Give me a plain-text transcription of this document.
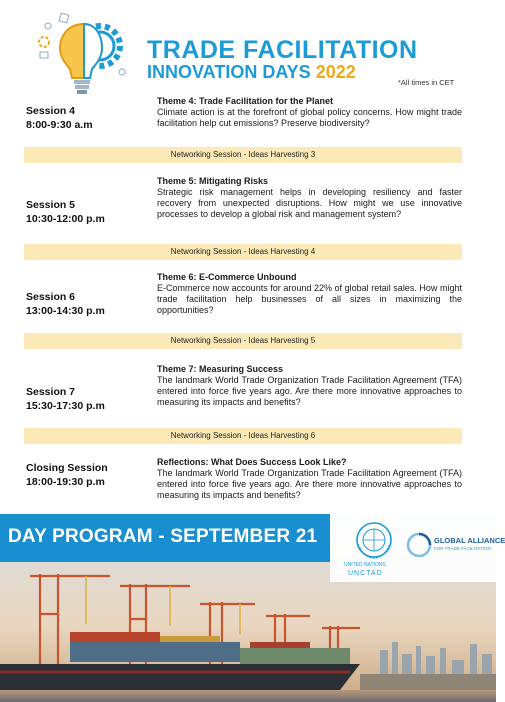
TRADE FACILITATION
INNOVATION DAYS 2022
*All times in CET
Session 4
8:00-9:30 a.m
Theme 4: Trade Facilitation for the Planet
Climate action is at the forefront of global policy concerns. How might trade facilitation help cut emissions? Preserve biodiversity?
Networking Session - Ideas Harvesting 3
Session 5
10:30-12:00 p.m
Theme 5: Mitigating Risks
Strategic risk management helps in developing resiliency and faster recovery from unexpected disruptions. How might we use innovative processes to develop a global risk and management system?
Networking Session - Ideas Harvesting 4
Session 6
13:00-14:30 p.m
Theme 6: E-Commerce Unbound
E-Commerce now accounts for around 22% of global retail sales. How might trade facilitation help businesses of all sizes in maximizing the opportunities?
Networking Session - Ideas Harvesting 5
Session 7
15:30-17:30 p.m
Theme 7: Measuring Success
The landmark World Trade Organization Trade Facilitation Agreement (TFA) entered into force five years ago. Are there more innovative approaches to measuring its impacts and benefits?
Networking Session - Ideas Harvesting 6
Closing Session
18:00-19:30 p.m
Reflections: What Does Success Look Like?
The landmark World Trade Organization Trade Facilitation Agreement (TFA) entered into force five years ago. Are there more innovative approaches to measuring its impacts and benefits?
DAY PROGRAM - SEPTEMBER 21
UNITED NATIONS
UNCTAD
GLOBAL ALLIANCE
FOR TRADE FACILITATION
